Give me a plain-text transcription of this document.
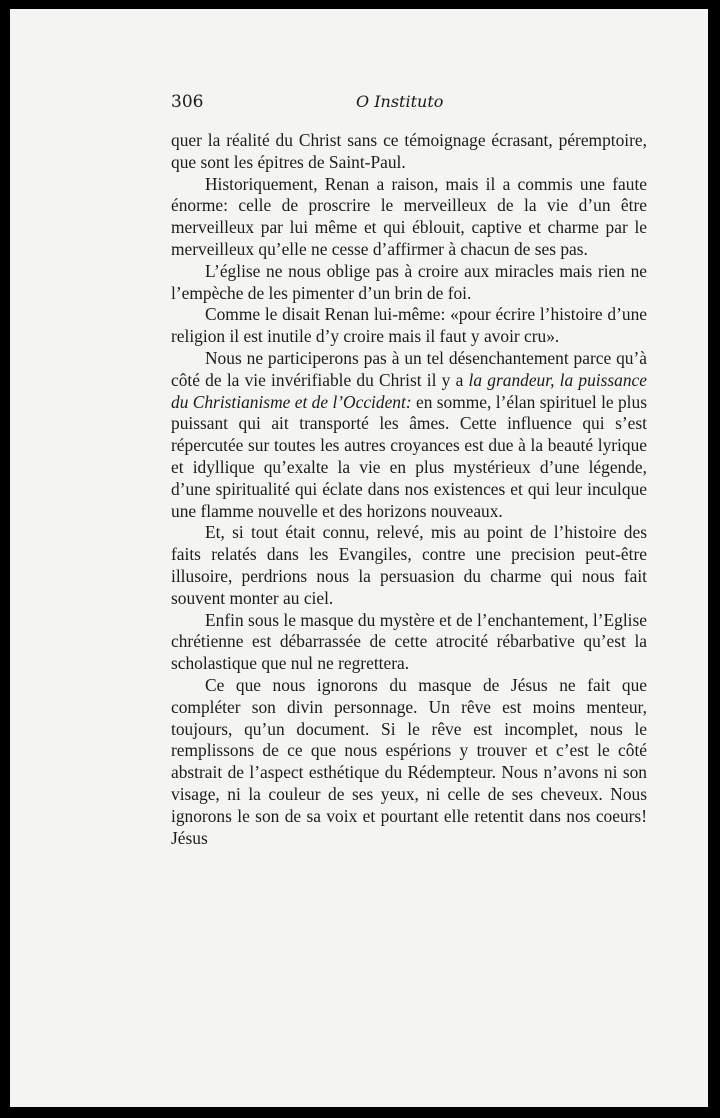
306	O Instituto

quer la réalité du Christ sans ce témoignage écrasant, péremptoire, que sont les épitres de Saint-Paul.

Historiquement, Renan a raison, mais il a commis une faute énorme: celle de proscrire le merveilleux de la vie d’un être merveilleux par lui même et qui éblouit, captive et charme par le merveilleux qu’elle ne cesse d’affirmer à chacun de ses pas.

L’église ne nous oblige pas à croire aux miracles mais rien ne l’empèche de les pimenter d’un brin de foi.

Comme le disait Renan lui-même: «pour écrire l’histoire d’une religion il est inutile d’y croire mais il faut y avoir cru».

Nous ne participerons pas à un tel désenchantement parce qu’à côté de la vie invérifiable du Christ il y a la grandeur, la puissance du Christianisme et de l’Occident: en somme, l’élan spirituel le plus puissant qui ait transporté les âmes. Cette influence qui s’est répercutée sur toutes les autres croyances est due à la beauté lyrique et idyllique qu’exalte la vie en plus mystérieux d’une légende, d’une spiritualité qui éclate dans nos existences et qui leur inculque une flamme nouvelle et des horizons nouveaux.

Et, si tout était connu, relevé, mis au point de l’histoire des faits relatés dans les Evangiles, contre une precision peut-être illusoire, perdrions nous la persuasion du charme qui nous fait souvent monter au ciel.

Enfin sous le masque du mystère et de l’enchantement, l’Eglise chrétienne est débarrassée de cette atrocité rébarbative qu’est la scholastique que nul ne regrettera.

Ce que nous ignorons du masque de Jésus ne fait que compléter son divin personnage. Un rêve est moins menteur, toujours, qu’un document. Si le rêve est incomplet, nous le remplissons de ce que nous espérions y trouver et c’est le côté abstrait de l’aspect esthétique du Rédempteur. Nous n’avons ni son visage, ni la couleur de ses yeux, ni celle de ses cheveux. Nous ignorons le son de sa voix et pourtant elle retentit dans nos coeurs! Jésus
